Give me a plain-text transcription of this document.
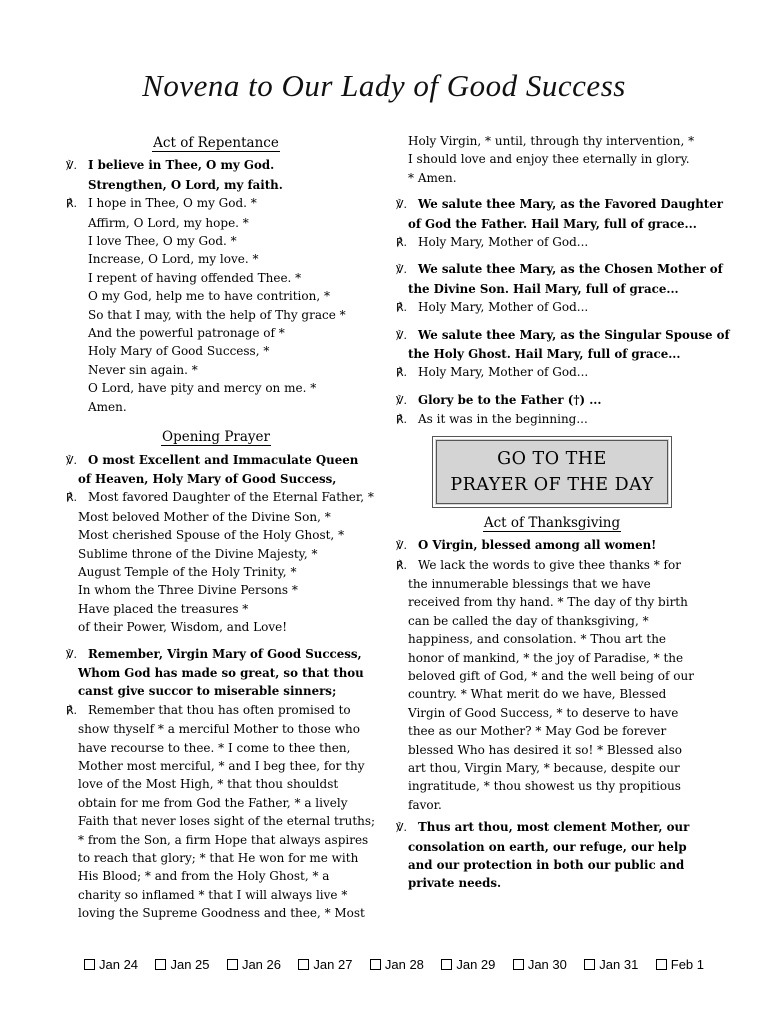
Novena to Our Lady of Good Success
Act of Repentance
℣. I believe in Thee, O my God.
Strengthen, O Lord, my faith.
℟. I hope in Thee, O my God. *
Affirm, O Lord, my hope. *
I love Thee, O my God. *
Increase, O Lord, my love. *
I repent of having offended Thee. *
O my God, help me to have contrition, *
So that I may, with the help of Thy grace *
And the powerful patronage of *
Holy Mary of Good Success, *
Never sin again. *
O Lord, have pity and mercy on me. *
Amen.
Opening Prayer
℣. O most Excellent and Immaculate Queen
of Heaven, Holy Mary of Good Success,
℟. Most favored Daughter of the Eternal Father, *
Most beloved Mother of the Divine Son, *
Most cherished Spouse of the Holy Ghost, *
Sublime throne of the Divine Majesty, *
August Temple of the Holy Trinity, *
In whom the Three Divine Persons *
Have placed the treasures *
of their Power, Wisdom, and Love!
℣. Remember, Virgin Mary of Good Success,
Whom God has made so great, so that thou
canst give succor to miserable sinners;
℟. Remember that thou has often promised to
show thyself * a merciful Mother to those who
have recourse to thee. * I come to thee then,
Mother most merciful, * and I beg thee, for thy
love of the Most High, * that thou shouldst
obtain for me from God the Father, * a lively
Faith that never loses sight of the eternal truths;
* from the Son, a firm Hope that always aspires
to reach that glory; * that He won for me with
His Blood; * and from the Holy Ghost, * a
charity so inflamed * that I will always live *
loving the Supreme Goodness and thee, * Most
Holy Virgin, * until, through thy intervention, *
I should love and enjoy thee eternally in glory.
* Amen.
℣. We salute thee Mary, as the Favored Daughter
of God the Father. Hail Mary, full of grace...
℟. Holy Mary, Mother of God...
℣. We salute thee Mary, as the Chosen Mother of
the Divine Son. Hail Mary, full of grace...
℟. Holy Mary, Mother of God...
℣. We salute thee Mary, as the Singular Spouse of
the Holy Ghost. Hail Mary, full of grace...
℟. Holy Mary, Mother of God...
℣. Glory be to the Father (†) ...
℟. As it was in the beginning...
GO TO THE
PRAYER OF THE DAY
Act of Thanksgiving
℣. O Virgin, blessed among all women!
℟. We lack the words to give thee thanks * for
the innumerable blessings that we have
received from thy hand. * The day of thy birth
can be called the day of thanksgiving, *
happiness, and consolation. * Thou art the
honor of mankind, * the joy of Paradise, * the
beloved gift of God, * and the well being of our
country. * What merit do we have, Blessed
Virgin of Good Success, * to deserve to have
thee as our Mother? * May God be forever
blessed Who has desired it so! * Blessed also
art thou, Virgin Mary, * because, despite our
ingratitude, * thou showest us thy propitious
favor.
℣. Thus art thou, most clement Mother, our
consolation on earth, our refuge, our help
and our protection in both our public and
private needs.
Jan 24 Jan 25 Jan 26 Jan 27 Jan 28 Jan 29 Jan 30 Jan 31 Feb 1
